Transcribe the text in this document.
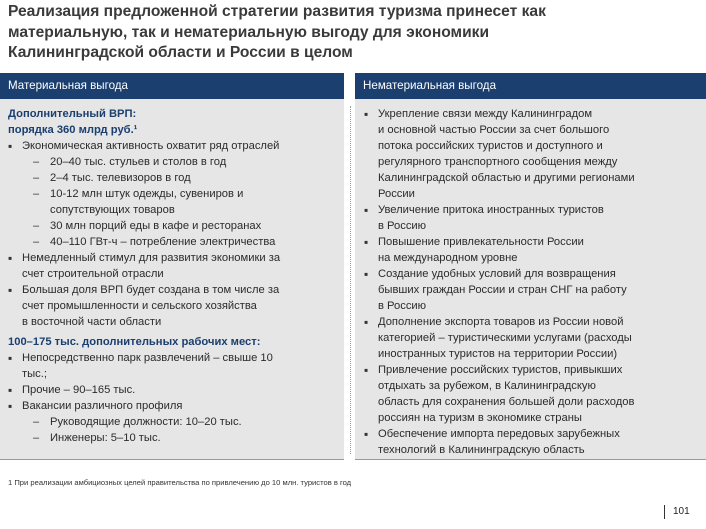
Реализация предложенной стратегии развития туризма принесет как
материальную, так и нематериальную выгоду для экономики
Калининградской области и России в целом
Материальная выгода	Нематериальная выгода
Дополнительный ВРП:
порядка 360 млрд руб.¹
▪ Экономическая активность охватит ряд отраслей
– 20–40 тыс. стульев и столов в год
– 2–4 тыс. телевизоров в год
– 10-12 млн штук одежды, сувениров и
сопутствующих товаров
– 30 млн порций еды в кафе и ресторанах
– 40–110 ГВт-ч – потребление электричества
▪ Немедленный стимул для развития экономики за
счет строительной отрасли
▪ Большая доля ВРП будет создана в том числе за
счет промышленности и сельского хозяйства
в восточной части области
100–175 тыс. дополнительных рабочих мест:
▪ Непосредственно парк развлечений – свыше 10
тыс.;
▪ Прочие – 90–165 тыс.
▪ Вакансии различного профиля
– Руководящие должности: 10–20 тыс.
– Инженеры: 5–10 тыс.
▪ Укрепление связи между Калининградом
и основной частью России за счет большого
потока российских туристов и доступного и
регулярного транспортного сообщения между
Калининградской областью и другими регионами
России
▪ Увеличение притока иностранных туристов
в Россию
▪ Повышение привлекательности России
на международном уровне
▪ Создание удобных условий для возвращения
бывших граждан России и стран СНГ на работу
в Россию
▪ Дополнение экспорта товаров из России новой
категорией – туристическими услугами (расходы
иностранных туристов на территории России)
▪ Привлечение российских туристов, привыкших
отдыхать за рубежом, в Калининградскую
область для сохранения большей доли расходов
россиян на туризм в экономике страны
▪ Обеспечение импорта передовых зарубежных
технологий в Калининградскую область
1 При реализации амбициозных целей правительства по привлечению до 10 млн. туристов в год
101
